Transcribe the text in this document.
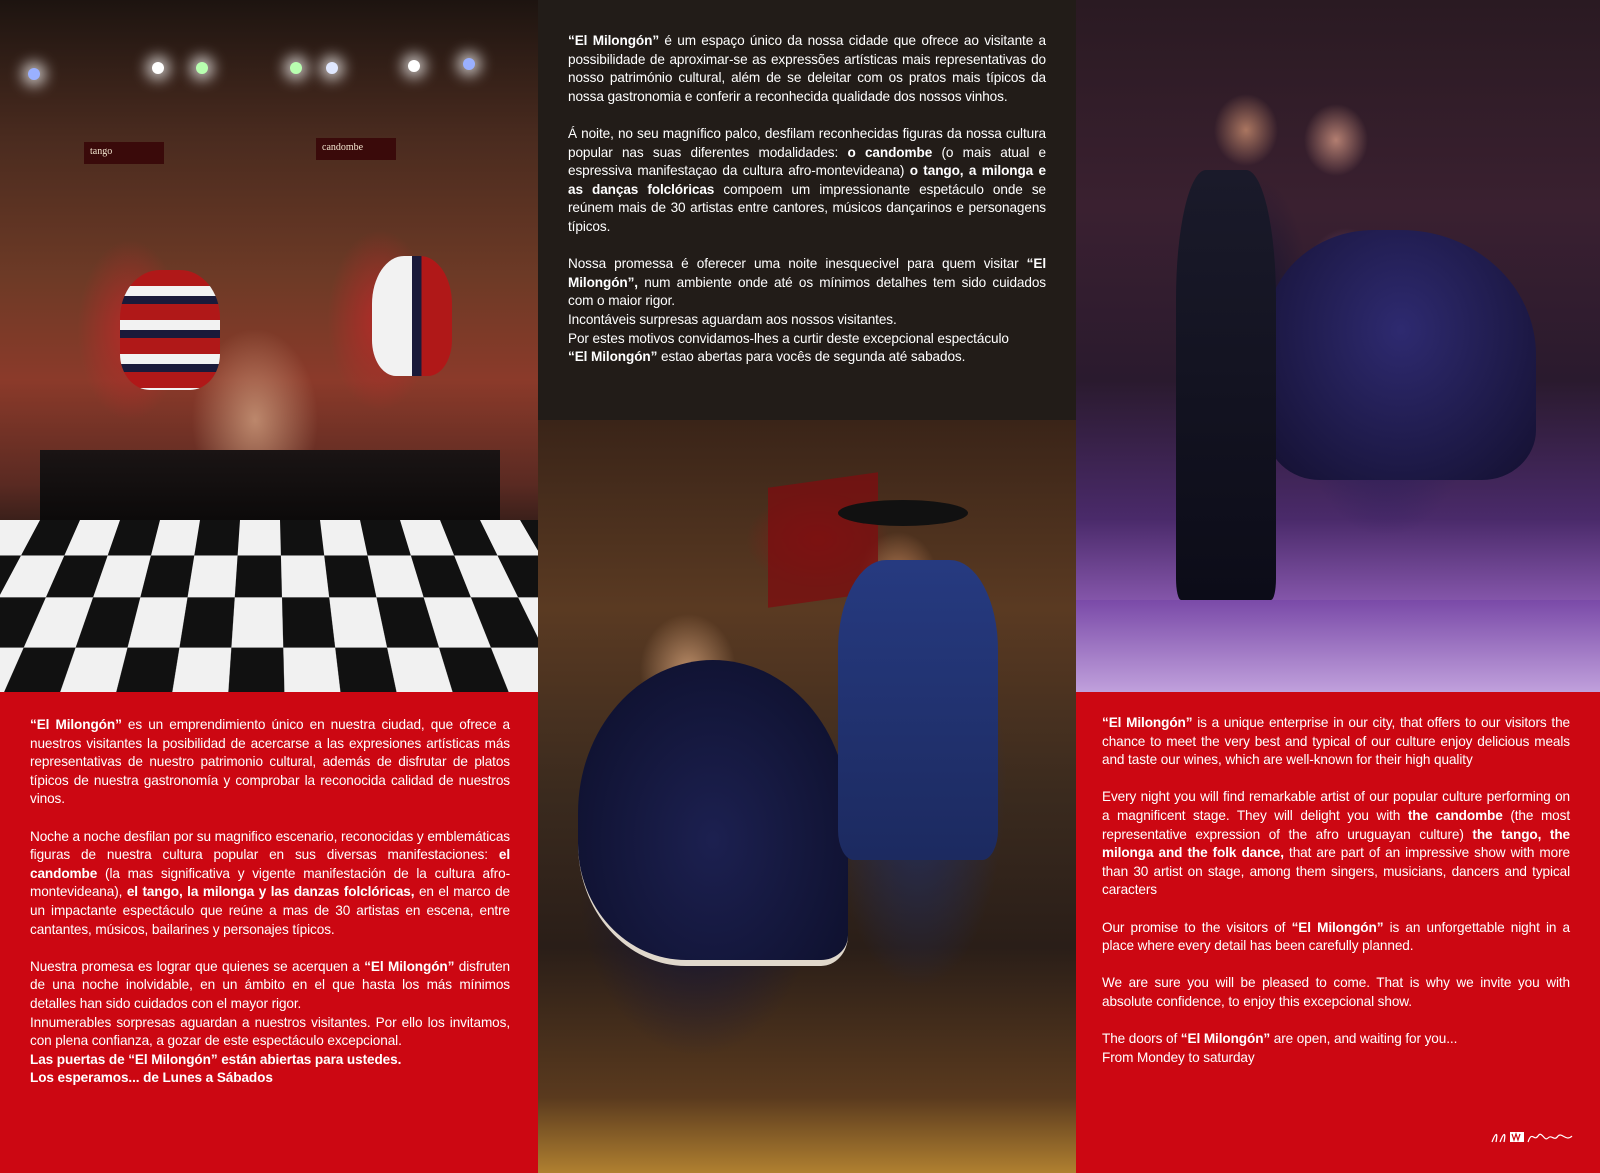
tango	candombe

“El Milongón” é um espaço único da nossa cidade que ofrece ao visitante a possibilidade de aproximar-se as expressões artísticas mais representativas do nosso património cultural, além de se deleitar com os pratos mais típicos da nossa gastronomia e conferir a reconhecida qualidade dos nossos vinhos.

Á noite, no seu magnífico palco, desfilam reconhecidas figuras da nossa cultura popular nas suas diferentes modalidades: o candombe (o mais atual e espressiva manifestaçao da cultura afro-montevideana) o tango, a milonga e as danças folclóricas compoem um impressionante espetáculo onde se reúnem mais de 30 artistas entre cantores, músicos dançarinos e personagens típicos.

Nossa promessa é oferecer uma noite inesquecivel para quem visitar “El Milongón”, num ambiente onde até os mínimos detalhes tem sido cuidados com o maior rigor.

Incontáveis surpresas aguardam aos nossos visitantes.

Por estes motivos convidamos-lhes a curtir deste excepcional espectáculo

“El Milongón” estao abertas para vocês de segunda até sabados.

“El Milongón” es un emprendimiento único en nuestra ciudad, que ofrece a nuestros visitantes la posibilidad de acercarse a las expresiones artísticas más representativas de nuestro patrimonio cultural, además de disfrutar de platos típicos de nuestra gastronomía y comprobar la reconocida calidad de nuestros vinos.

Noche a noche desfilan por su magnifico escenario, reconocidas y emblemáticas figuras de nuestra cultura popular en sus diversas manifestaciones: el candombe (la mas significativa y vigente manifestación de la cultura afro-montevideana), el tango, la milonga y las danzas folclóricas, en el marco de un impactante espectáculo que reúne a mas de 30 artistas en escena, entre cantantes, músicos, bailarines y personajes típicos.

Nuestra promesa es lograr que quienes se acerquen a “El Milongón” disfruten de una noche inolvidable, en un ámbito en el que hasta los más mínimos detalles han sido cuidados con el mayor rigor.

Innumerables sorpresas aguardan a nuestros visitantes. Por ello los invitamos, con plena confianza, a gozar de este espectáculo excepcional.

Las puertas de “El Milongón” están abiertas para ustedes.

Los esperamos... de Lunes a Sábados

“El Milongón” is a unique enterprise in our city, that offers to our visitors the chance to meet the very best and typical of our culture enjoy delicious meals and taste our wines, which are well-known for their high quality

Every night you will find remarkable artist of our popular culture performing on a magnificent stage. They will delight you with the candombe (the most representative expression of the afro uruguayan culture) the tango, the milonga and the folk dance, that are part of an impressive show with more than 30 artist on stage, among them singers, musicians, dancers and typical caracters

Our promise to the visitors of “El Milongón” is an unforgettable night in a place where every detail has been carefully planned.

We are sure you will be pleased to come. That is why we invite you with absolute confidence, to enjoy this excepcional show.

The doors of “El Milongón” are open, and waiting for you...

From Mondey to saturday
